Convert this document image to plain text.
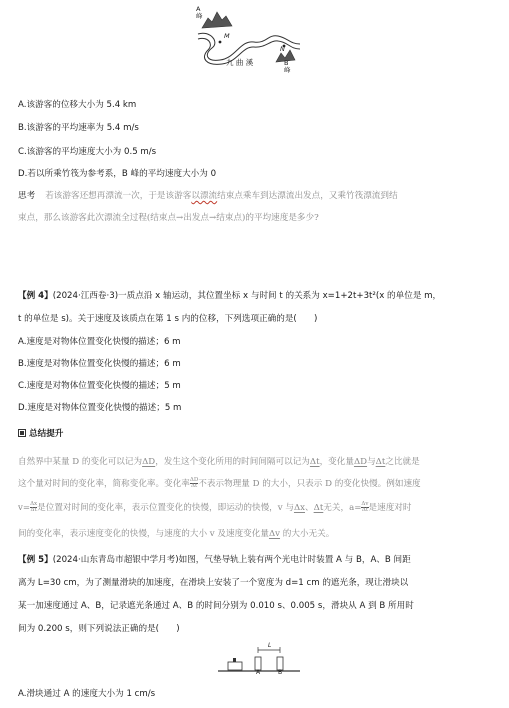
A
峰
M
N
B
峰
九 曲 溪
A.该游客的位移大小为 5.4 km
B.该游客的平均速率为 5.4 m/s
C.该游客的平均速度大小为 0.5 m/s
D.若以所乘竹筏为参考系，B 峰的平均速度大小为 0
思考 若该游客还想再漂流一次，于是该游客以漂流结束点乘车到达漂流出发点，又乘竹筏漂流到结
束点，那么该游客此次漂流全过程(结束点→出发点→结束点)的平均速度是多少?
【例 4】(2024·江西卷·3)一质点沿 x 轴运动，其位置坐标 x 与时间 t 的关系为 x=1+2t+3t²(x 的单位是 m，
t 的单位是 s)。关于速度及该质点在第 1 s 内的位移，下列选项正确的是(　　)
A.速度是对物体位置变化快慢的描述；6 m
B.速度是对物体位置变化快慢的描述；6 m
C.速度是对物体位置变化快慢的描述；5 m
D.速度是对物体位置变化快慢的描述；5 m
总结提升
自然界中某量 D 的变化可以记为ΔD，发生这个变化所用的时间间隔可以记为Δt，变化量ΔD与Δt之比就是
这个量对时间的变化率，简称变化率。变化率 $\frac{\Delta D}{\Delta t}$ 不表示物理量 D 的大小，只表示 D 的变化快慢。例如速度
$v= \frac{\Delta x}{\Delta t}$ 是位置对时间的变化率，表示位置变化的快慢，即运动的快慢，v 与Δx、Δt无关，$a= \frac{\Delta v}{\Delta t}$ 是速度对时
间的变化率，表示速度变化的快慢，与速度的大小 v 及速度变化量Δv 的大小无关。
【例 5】(2024·山东青岛市超银中学月考)如图，气垫导轨上装有两个光电计时装置 A 与 B，A、B 间距
离为 L=30 cm，为了测量滑块的加速度，在滑块上安装了一个宽度为 d=1 cm 的遮光条，现让滑块以
某一加速度通过 A、B，记录遮光条通过 A、B 的时间分别为 0.010 s、0.005 s，滑块从 A 到 B 所用时
间为 0.200 s，则下列说法正确的是(　　)
L
A	B
A.滑块通过 A 的速度大小为 1 cm/s
